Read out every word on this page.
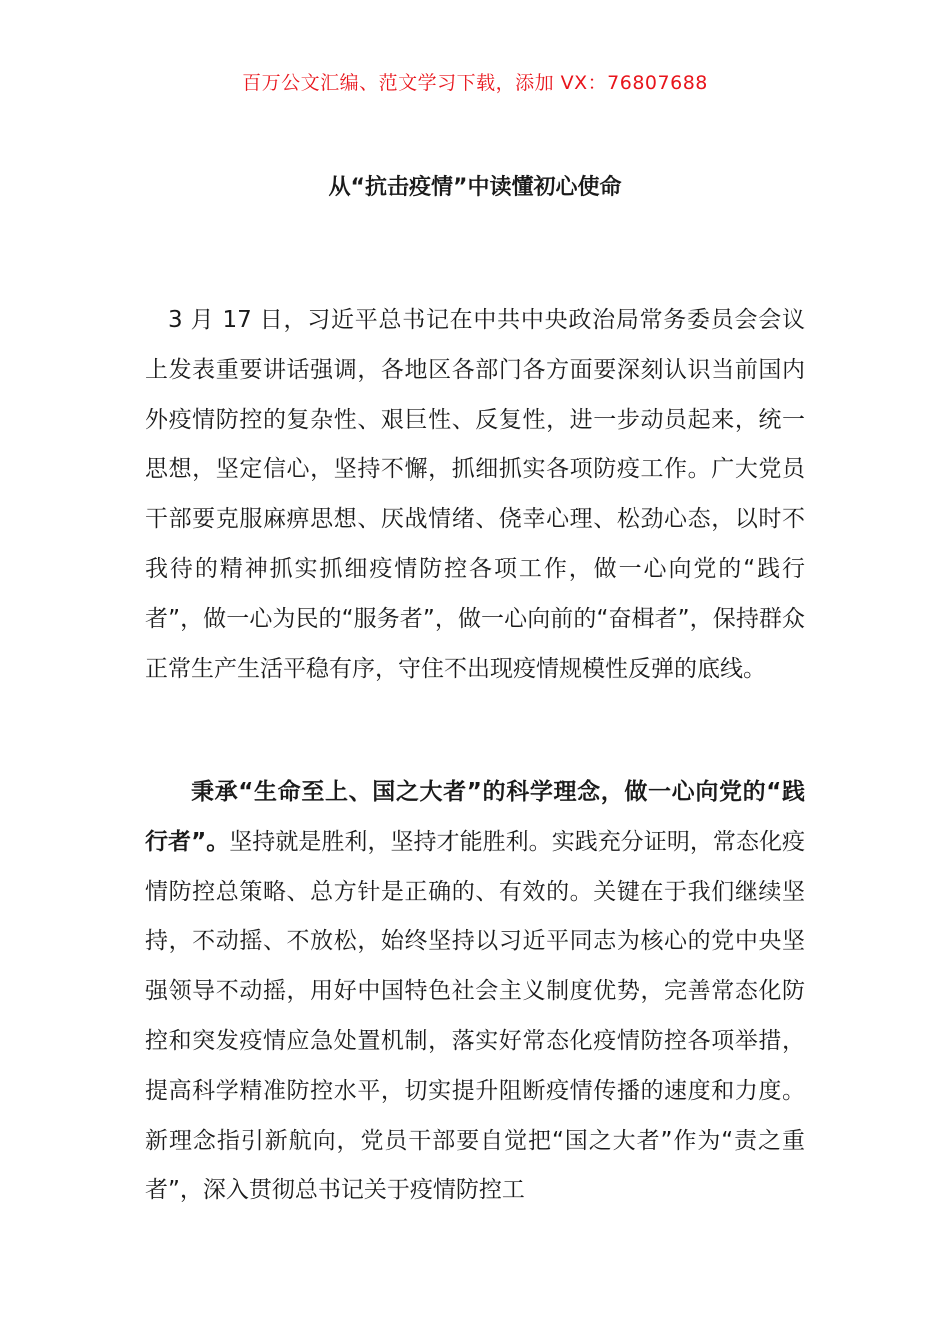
百万公文汇编、范文学习下载，添加 VX：76807688
从“抗击疫情”中读懂初心使命

3 月 17 日，习近平总书记在中共中央政治局常务委员会会议上发表重要讲话强调，各地区各部门各方面要深刻认识当前国内外疫情防控的复杂性、艰巨性、反复性，进一步动员起来，统一思想，坚定信心，坚持不懈，抓细抓实各项防疫工作。广大党员干部要克服麻痹思想、厌战情绪、侥幸心理、松劲心态，以时不我待的精神抓实抓细疫情防控各项工作，做一心向党的“践行者”，做一心为民的“服务者”，做一心向前的“奋楫者”，保持群众正常生产生活平稳有序，守住不出现疫情规模性反弹的底线。

秉承“生命至上、国之大者”的科学理念，做一心向党的“践行者”。坚持就是胜利，坚持才能胜利。实践充分证明，常态化疫情防控总策略、总方针是正确的、有效的。关键在于我们继续坚持，不动摇、不放松，始终坚持以习近平同志为核心的党中央坚强领导不动摇，用好中国特色社会主义制度优势，完善常态化防控和突发疫情应急处置机制，落实好常态化疫情防控各项举措，提高科学精准防控水平，切实提升阻断疫情传播的速度和力度。新理念指引新航向，党员干部要自觉把“国之大者”作为“责之重者”，深入贯彻总书记关于疫情防控工
